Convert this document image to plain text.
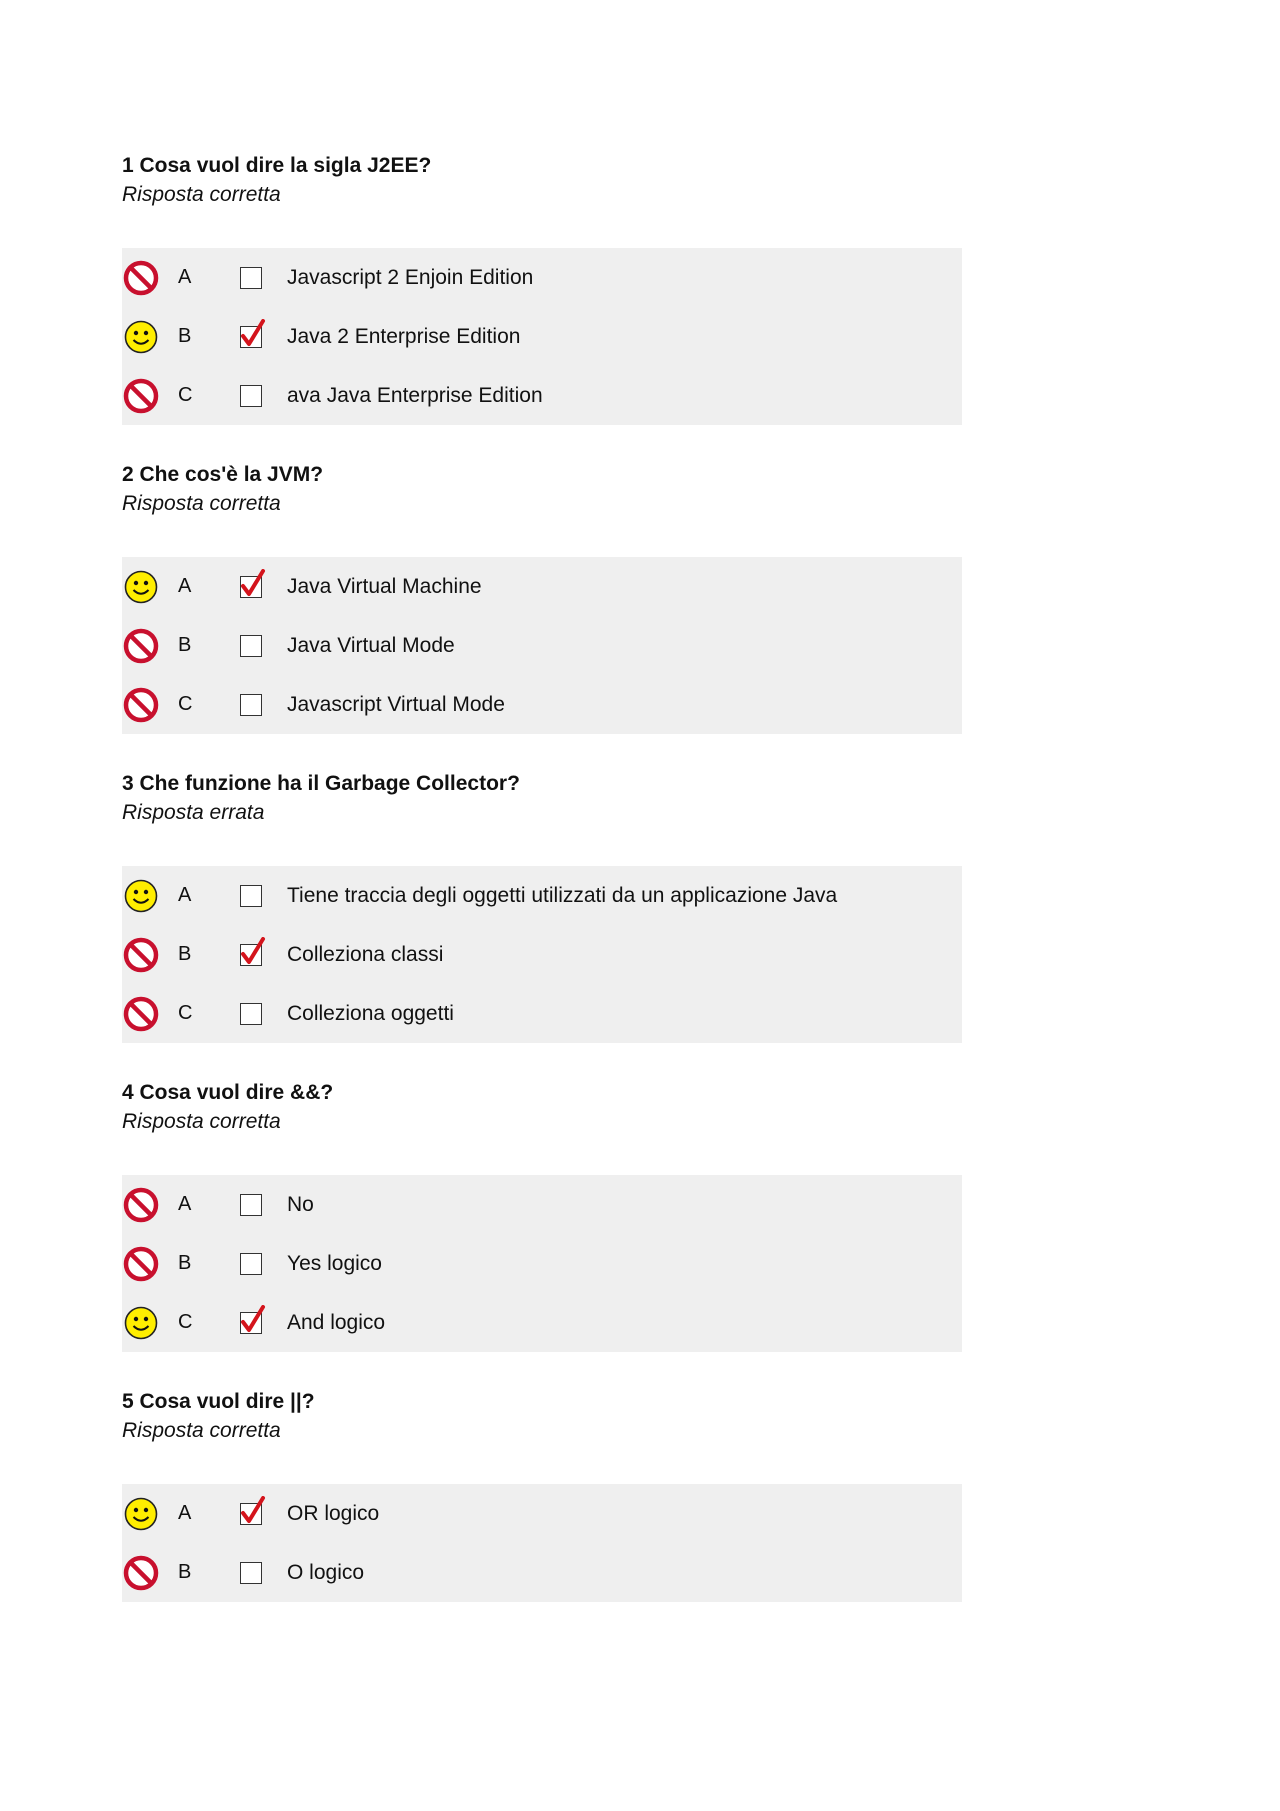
1 Cosa vuol dire la sigla J2EE?

Risposta corretta

A	Javascript 2 Enjoin Edition
B	Java 2 Enterprise Edition
C	ava Java Enterprise Edition

2 Che cos'è la JVM?

Risposta corretta

A	Java Virtual Machine
B	Java Virtual Mode
C	Javascript Virtual Mode

3 Che funzione ha il Garbage Collector?

Risposta errata

A	Tiene traccia degli oggetti utilizzati da un applicazione Java
B	Colleziona classi
C	Colleziona oggetti

4 Cosa vuol dire &&?

Risposta corretta

A	No
B	Yes logico
C	And logico

5 Cosa vuol dire ||?

Risposta corretta

A	OR logico
B	O logico
